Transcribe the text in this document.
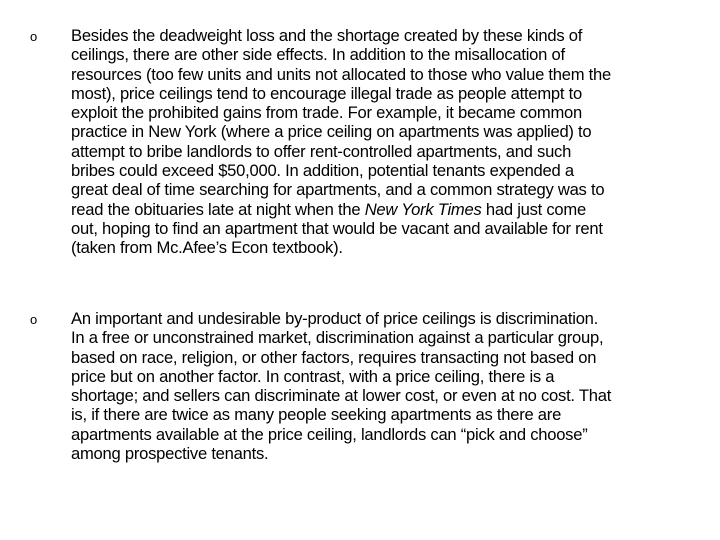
o Besides the deadweight loss and the shortage created by these kinds of
ceilings, there are other side effects. In addition to the misallocation of
resources (too few units and units not allocated to those who value them the
most), price ceilings tend to encourage illegal trade as people attempt to
exploit the prohibited gains from trade. For example, it became common
practice in New York (where a price ceiling on apartments was applied) to
attempt to bribe landlords to offer rent-controlled apartments, and such
bribes could exceed $50,000. In addition, potential tenants expended a
great deal of time searching for apartments, and a common strategy was to
read the obituaries late at night when the New York Times had just come
out, hoping to find an apartment that would be vacant and available for rent
(taken from Mc.Afee’s Econ textbook).
o An important and undesirable by-product of price ceilings is discrimination.
In a free or unconstrained market, discrimination against a particular group,
based on race, religion, or other factors, requires transacting not based on
price but on another factor. In contrast, with a price ceiling, there is a
shortage; and sellers can discriminate at lower cost, or even at no cost. That
is, if there are twice as many people seeking apartments as there are
apartments available at the price ceiling, landlords can “pick and choose”
among prospective tenants.
